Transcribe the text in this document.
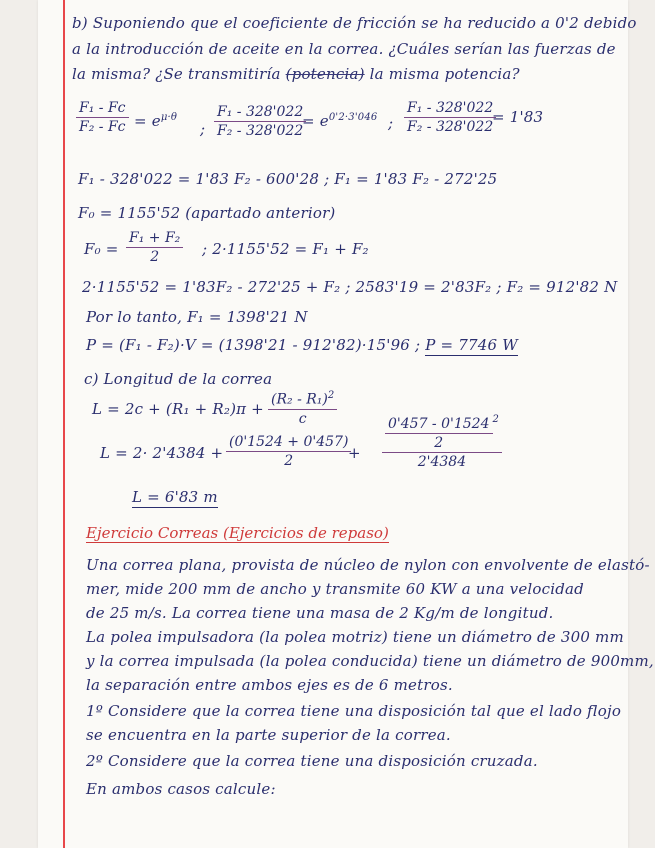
b) Suponiendo que el coeficiente de fricción se ha reducido a 0'2 debido
a la introducción de aceite en la correa. ¿Cuáles serían las fuerzas de
la misma? ¿Se transmitiría (potencia) la misma potencia?
$\frac{\text{F₁ - Fc}}{\text{F₂ - Fc}} = e^{\mu\cdot\theta}$
; $\frac{\text{F₁ - 328'022}}{\text{F₂ - 328'022}}$
= $e^{0'2\cdot 3'046}$ ; $\frac{\text{F₁ - 328'022}}{\text{F₂ - 328'022}}$
= 1'83
F₁ - 328'022 = 1'83 F₂ - 600'28 ; F₁ = 1'83 F₂ - 272'25
F₀ = 1155'52 (apartado anterior)
$F_0 = \frac{\text{F₁ + F₂}}{2}$ ; 2·1155'52 = F₁ + F₂
2·1155'52 = 1'83F₂ - 272'25 + F₂ ; 2583'19 = 2'83F₂ ; F₂ = 912'82 N
Por lo tanto, F₁ = 1398'21 N
P = (F₁ - F₂)·V = (1398'21 - 912'82)·15'96 ; P = 7746 W
c) Longitud de la correa
$L = 2c + (R_1 + R_2)\pi + \frac{(R_2 - R_1)^2}{c}$
$L = 2\cdot 2'4384 + \frac{(0'1524 + 0'457)}{2}$
+ $\frac{\frac{0'457 - 0'1524}{2} ^2}{2'4384}$
L = 6'83 m
Ejercicio Correas (Ejercicios de repaso)
Una correa plana, provista de núcleo de nylon con envolvente de elastó-
mer, mide 200 mm de ancho y transmite 60 KW a una velocidad
de 25 m/s. La correa tiene una masa de 2 Kg/m de longitud.
La polea impulsadora (la polea motriz) tiene un diámetro de 300 mm
y la correa impulsada (la polea conducida) tiene un diámetro de 900mm,
la separación entre ambos ejes es de 6 metros.
1º Considere que la correa tiene una disposición tal que el lado flojo
se encuentra en la parte superior de la correa.
2º Considere que la correa tiene una disposición cruzada.
En ambos casos calcule:
